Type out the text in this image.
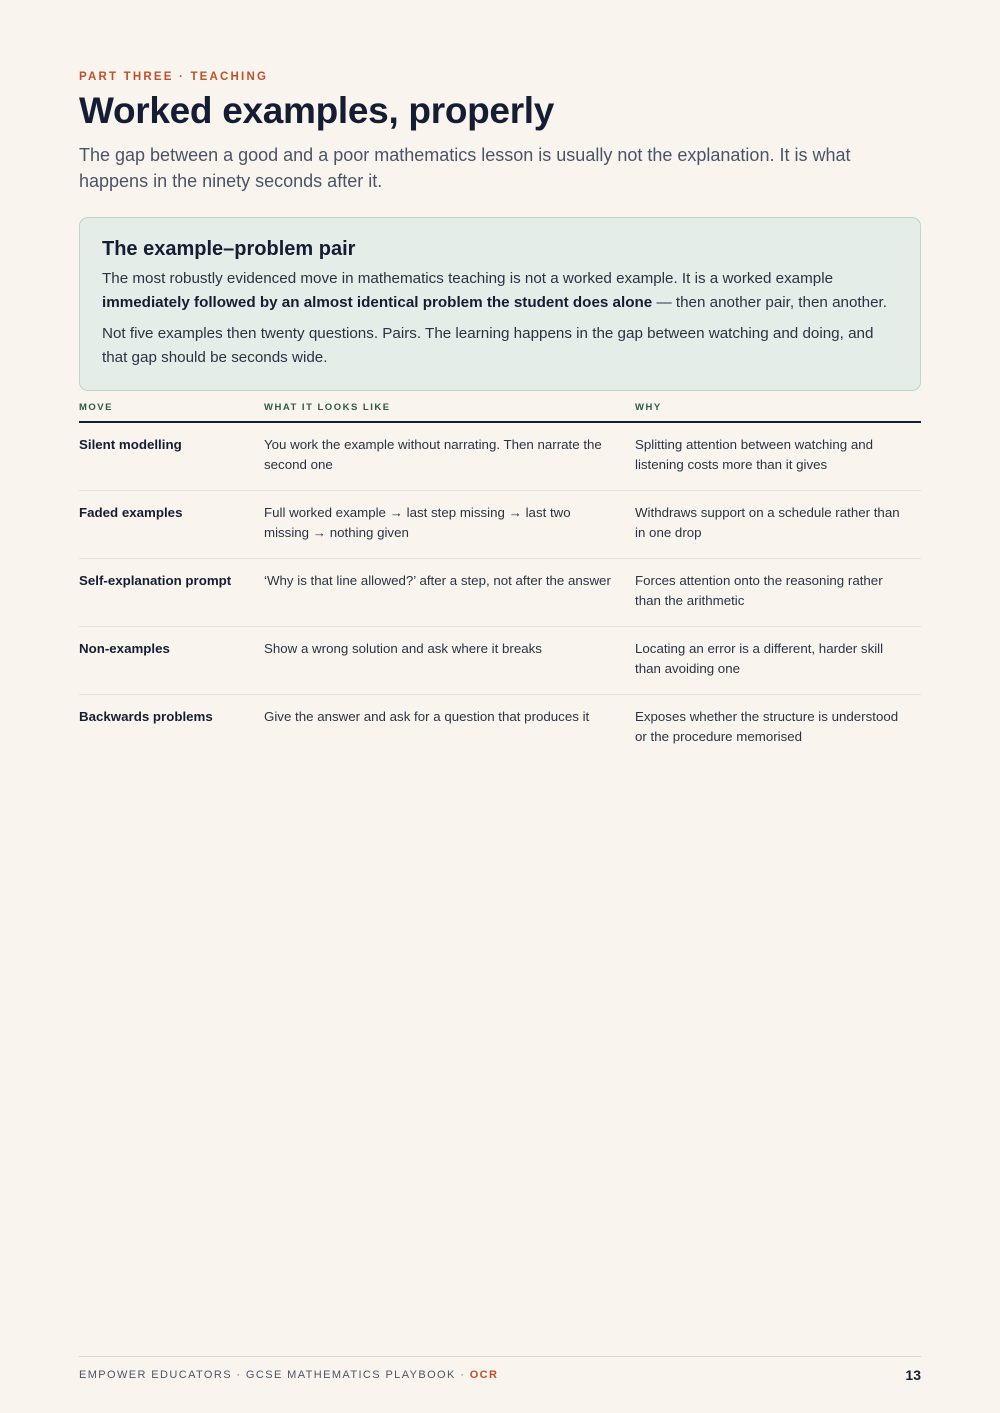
PART THREE · TEACHING
Worked examples, properly

The gap between a good and a poor mathematics lesson is usually not the explanation. It is what happens in the ninety seconds after it.

The example–problem pair

The most robustly evidenced move in mathematics teaching is not a worked example. It is a worked example immediately followed by an almost identical problem the student does alone — then another pair, then another.

Not five examples then twenty questions. Pairs. The learning happens in the gap between watching and doing, and that gap should be seconds wide.

MOVE	WHAT IT LOOKS LIKE	WHY
Silent modelling	You work the example without narrating. Then narrate the second one	Splitting attention between watching and listening costs more than it gives
Faded examples	Full worked example → last step missing → last two missing → nothing given	Withdraws support on a schedule rather than in one drop
Self-explanation prompt	‘Why is that line allowed?’ after a step, not after the answer	Forces attention onto the reasoning rather than the arithmetic
Non-examples	Show a wrong solution and ask where it breaks	Locating an error is a different, harder skill than avoiding one
Backwards problems	Give the answer and ask for a question that produces it	Exposes whether the structure is understood or the procedure memorised
EMPOWER EDUCATORS · GCSE MATHEMATICS PLAYBOOK · OCR	13
